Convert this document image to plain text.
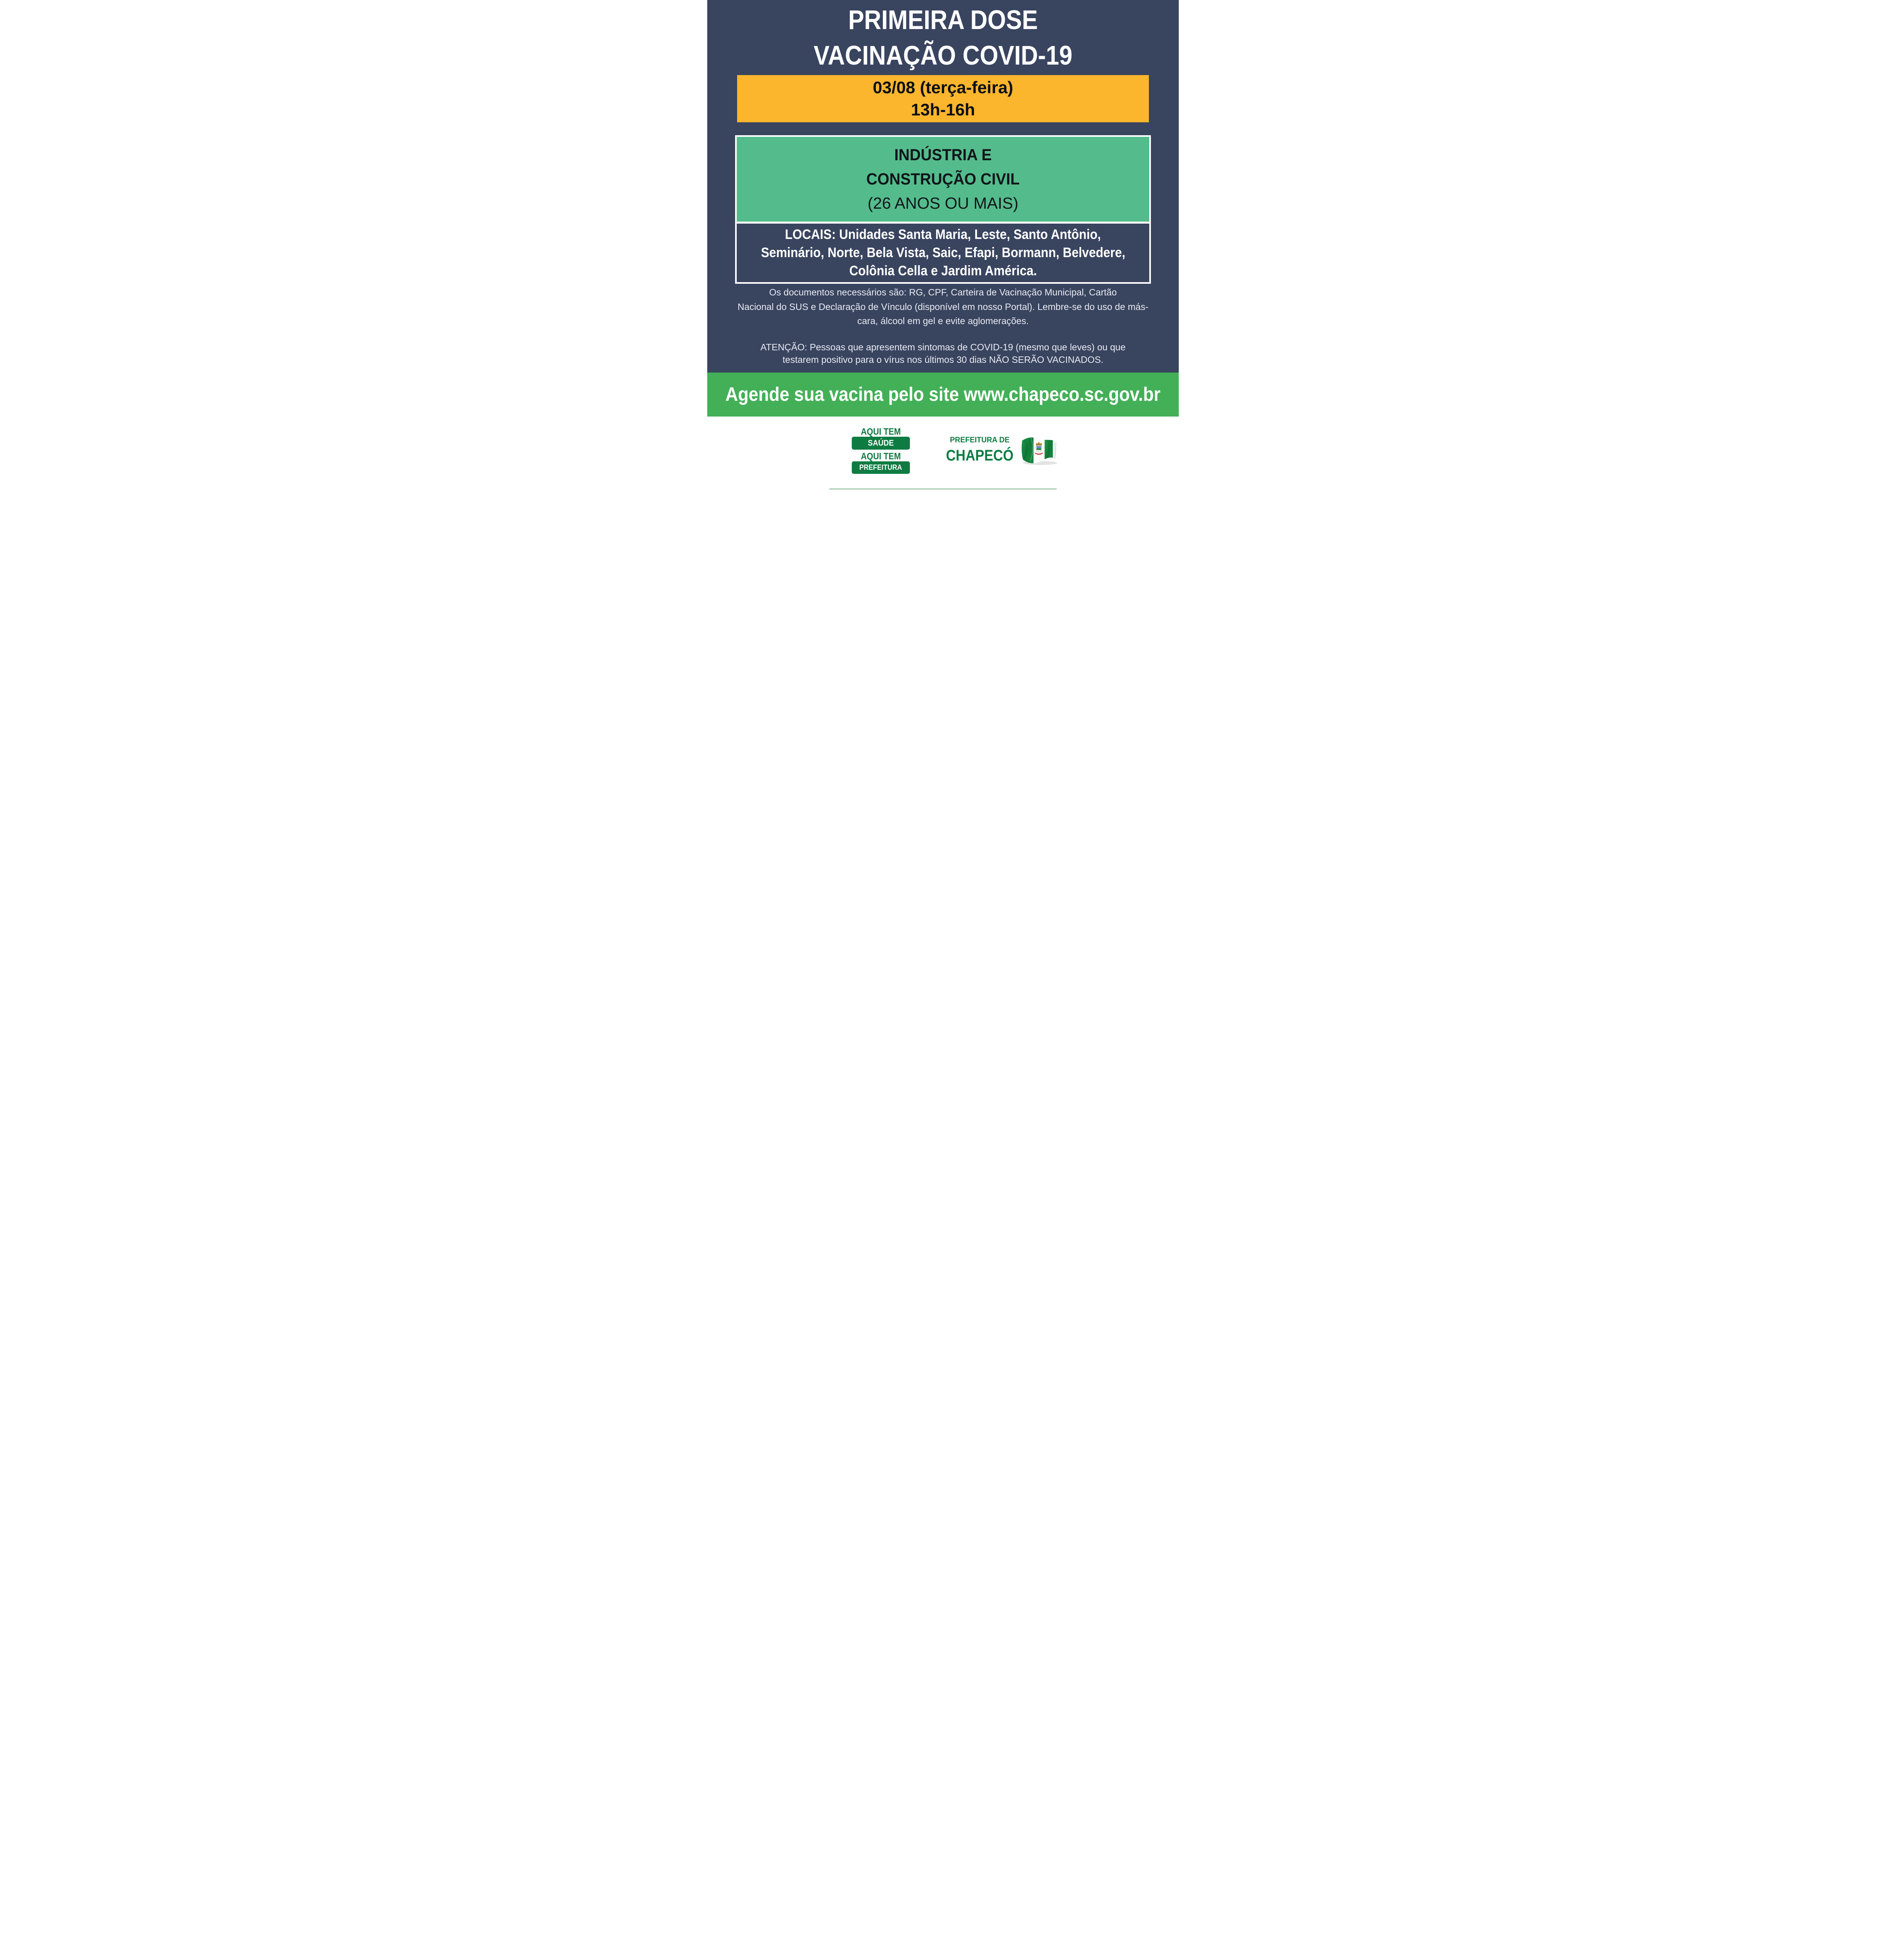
PRIMEIRA DOSE
VACINAÇÃO COVID-19
03/08 (terça-feira)
13h-16h
INDÚSTRIA E
CONSTRUÇÃO CIVIL
(26 ANOS OU MAIS)
LOCAIS: Unidades Santa Maria, Leste, Santo Antônio,
Seminário, Norte, Bela Vista, Saic, Efapi, Bormann, Belvedere,
Colônia Cella e Jardim América.
Os documentos necessários são: RG, CPF, Carteira de Vacinação Municipal, Cartão
Nacional do SUS e Declaração de Vínculo (disponível em nosso Portal). Lembre-se do uso de más-
cara, álcool em gel e evite aglomerações.
ATENÇÃO: Pessoas que apresentem sintomas de COVID-19 (mesmo que leves) ou que
testarem positivo para o vírus nos últimos 30 dias NÃO SERÃO VACINADOS.
Agende sua vacina pelo site www.chapeco.sc.gov.br
AQUI TEM
SAÚDE
AQUI TEM
PREFEITURA
PREFEITURA DE
CHAPECÓ
